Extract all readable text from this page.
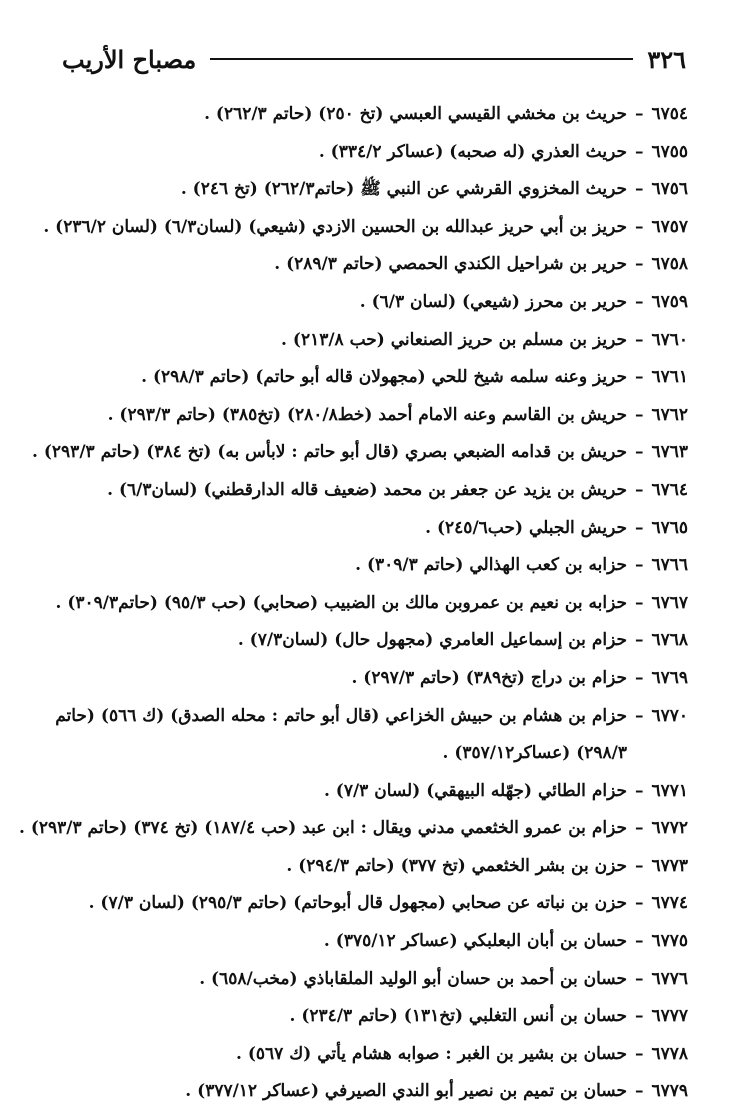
٣٢٦
مصباح الأريب
٦٧٥٤
–
حريث بن مخشي القيسي العبسي (تخ ٢٥٠) (حاتم ٢٦٢/٣) .
٦٧٥٥
–
حريث العذري (له صحبه) (عساكر ٣٣٤/٢) .
٦٧٥٦
–
حريث المخزوي القرشي عن النبي ﷺ (حاتم٢٦٢/٣) (تخ ٢٤٦) .
٦٧٥٧
–
حريز بن أبي حريز عبدالله بن الحسين الازدي (شيعي) (لسان٦/٣) (لسان ٢٣٦/٢) .
٦٧٥٨
–
حرير بن شراحيل الكندي الحمصي (حاتم ٢٨٩/٣) .
٦٧٥٩
–
حرير بن محرز (شيعي) (لسان ٦/٣) .
٦٧٦٠
–
حريز بن مسلم بن حريز الصنعاني (حب ٢١٣/٨) .
٦٧٦١
–
حريز وعنه سلمه شيخ للحي (مجهولان قاله أبو حاتم) (حاتم ٢٩٨/٣) .
٦٧٦٢
–
حريش بن القاسم وعنه الامام أحمد (خط٢٨٠/٨) (تخ٣٨٥) (حاتم ٢٩٣/٣) .
٦٧٦٣
–
حريش بن قدامه الضبعي بصري (قال أبو حاتم : لابأس به) (تخ ٣٨٤) (حاتم ٢٩٣/٣) .
٦٧٦٤
–
حريش بن يزيد عن جعفر بن محمد (ضعيف قاله الدارقطني) (لسان٦/٣) .
٦٧٦٥
–
حريش الجبلي (حب٢٤٥/٦) .
٦٧٦٦
–
حزابه بن كعب الهذالي (حاتم ٣٠٩/٣) .
٦٧٦٧
–
حزابه بن نعيم بن عمروبن مالك بن الضبيب (صحابي) (حب ٩٥/٣) (حاتم٣٠٩/٣) .
٦٧٦٨
–
حزام بن إسماعيل العامري (مجهول حال) (لسان٧/٣) .
٦٧٦٩
–
حزام بن دراج (تخ٣٨٩) (حاتم ٢٩٧/٣) .
٦٧٧٠
–
حزام بن هشام بن حبيش الخزاعي (قال أبو حاتم : محله الصدق) (ك ٥٦٦) (حاتم ٢٩٨/٣) (عساكر٣٥٧/١٢) .
٦٧٧١
–
حزام الطائي (جهّله البيهقي) (لسان ٧/٣) .
٦٧٧٢
–
حزام بن عمرو الخثعمي مدني ويقال : ابن عبد (حب ١٨٧/٤) (تخ ٣٧٤) (حاتم ٢٩٣/٣) .
٦٧٧٣
–
حزن بن بشر الخثعمي (تخ ٣٧٧) (حاتم ٢٩٤/٣) .
٦٧٧٤
–
حزن بن نباته عن صحابي (مجهول قال أبوحاتم) (حاتم ٢٩٥/٣) (لسان ٧/٣) .
٦٧٧٥
–
حسان بن أبان البعلبكي (عساكر ٣٧٥/١٢) .
٦٧٧٦
–
حسان بن أحمد بن حسان أبو الوليد الملقاباذي (مخب/٦٥٨) .
٦٧٧٧
–
حسان بن أنس التغلبي (تخ١٣١) (حاتم ٢٣٤/٣) .
٦٧٧٨
–
حسان بن بشير بن الغبر : صوابه هشام يأتي (ك ٥٦٧) .
٦٧٧٩
–
حسان بن تميم بن نصير أبو الندي الصيرفي (عساكر ٣٧٧/١٢) .
